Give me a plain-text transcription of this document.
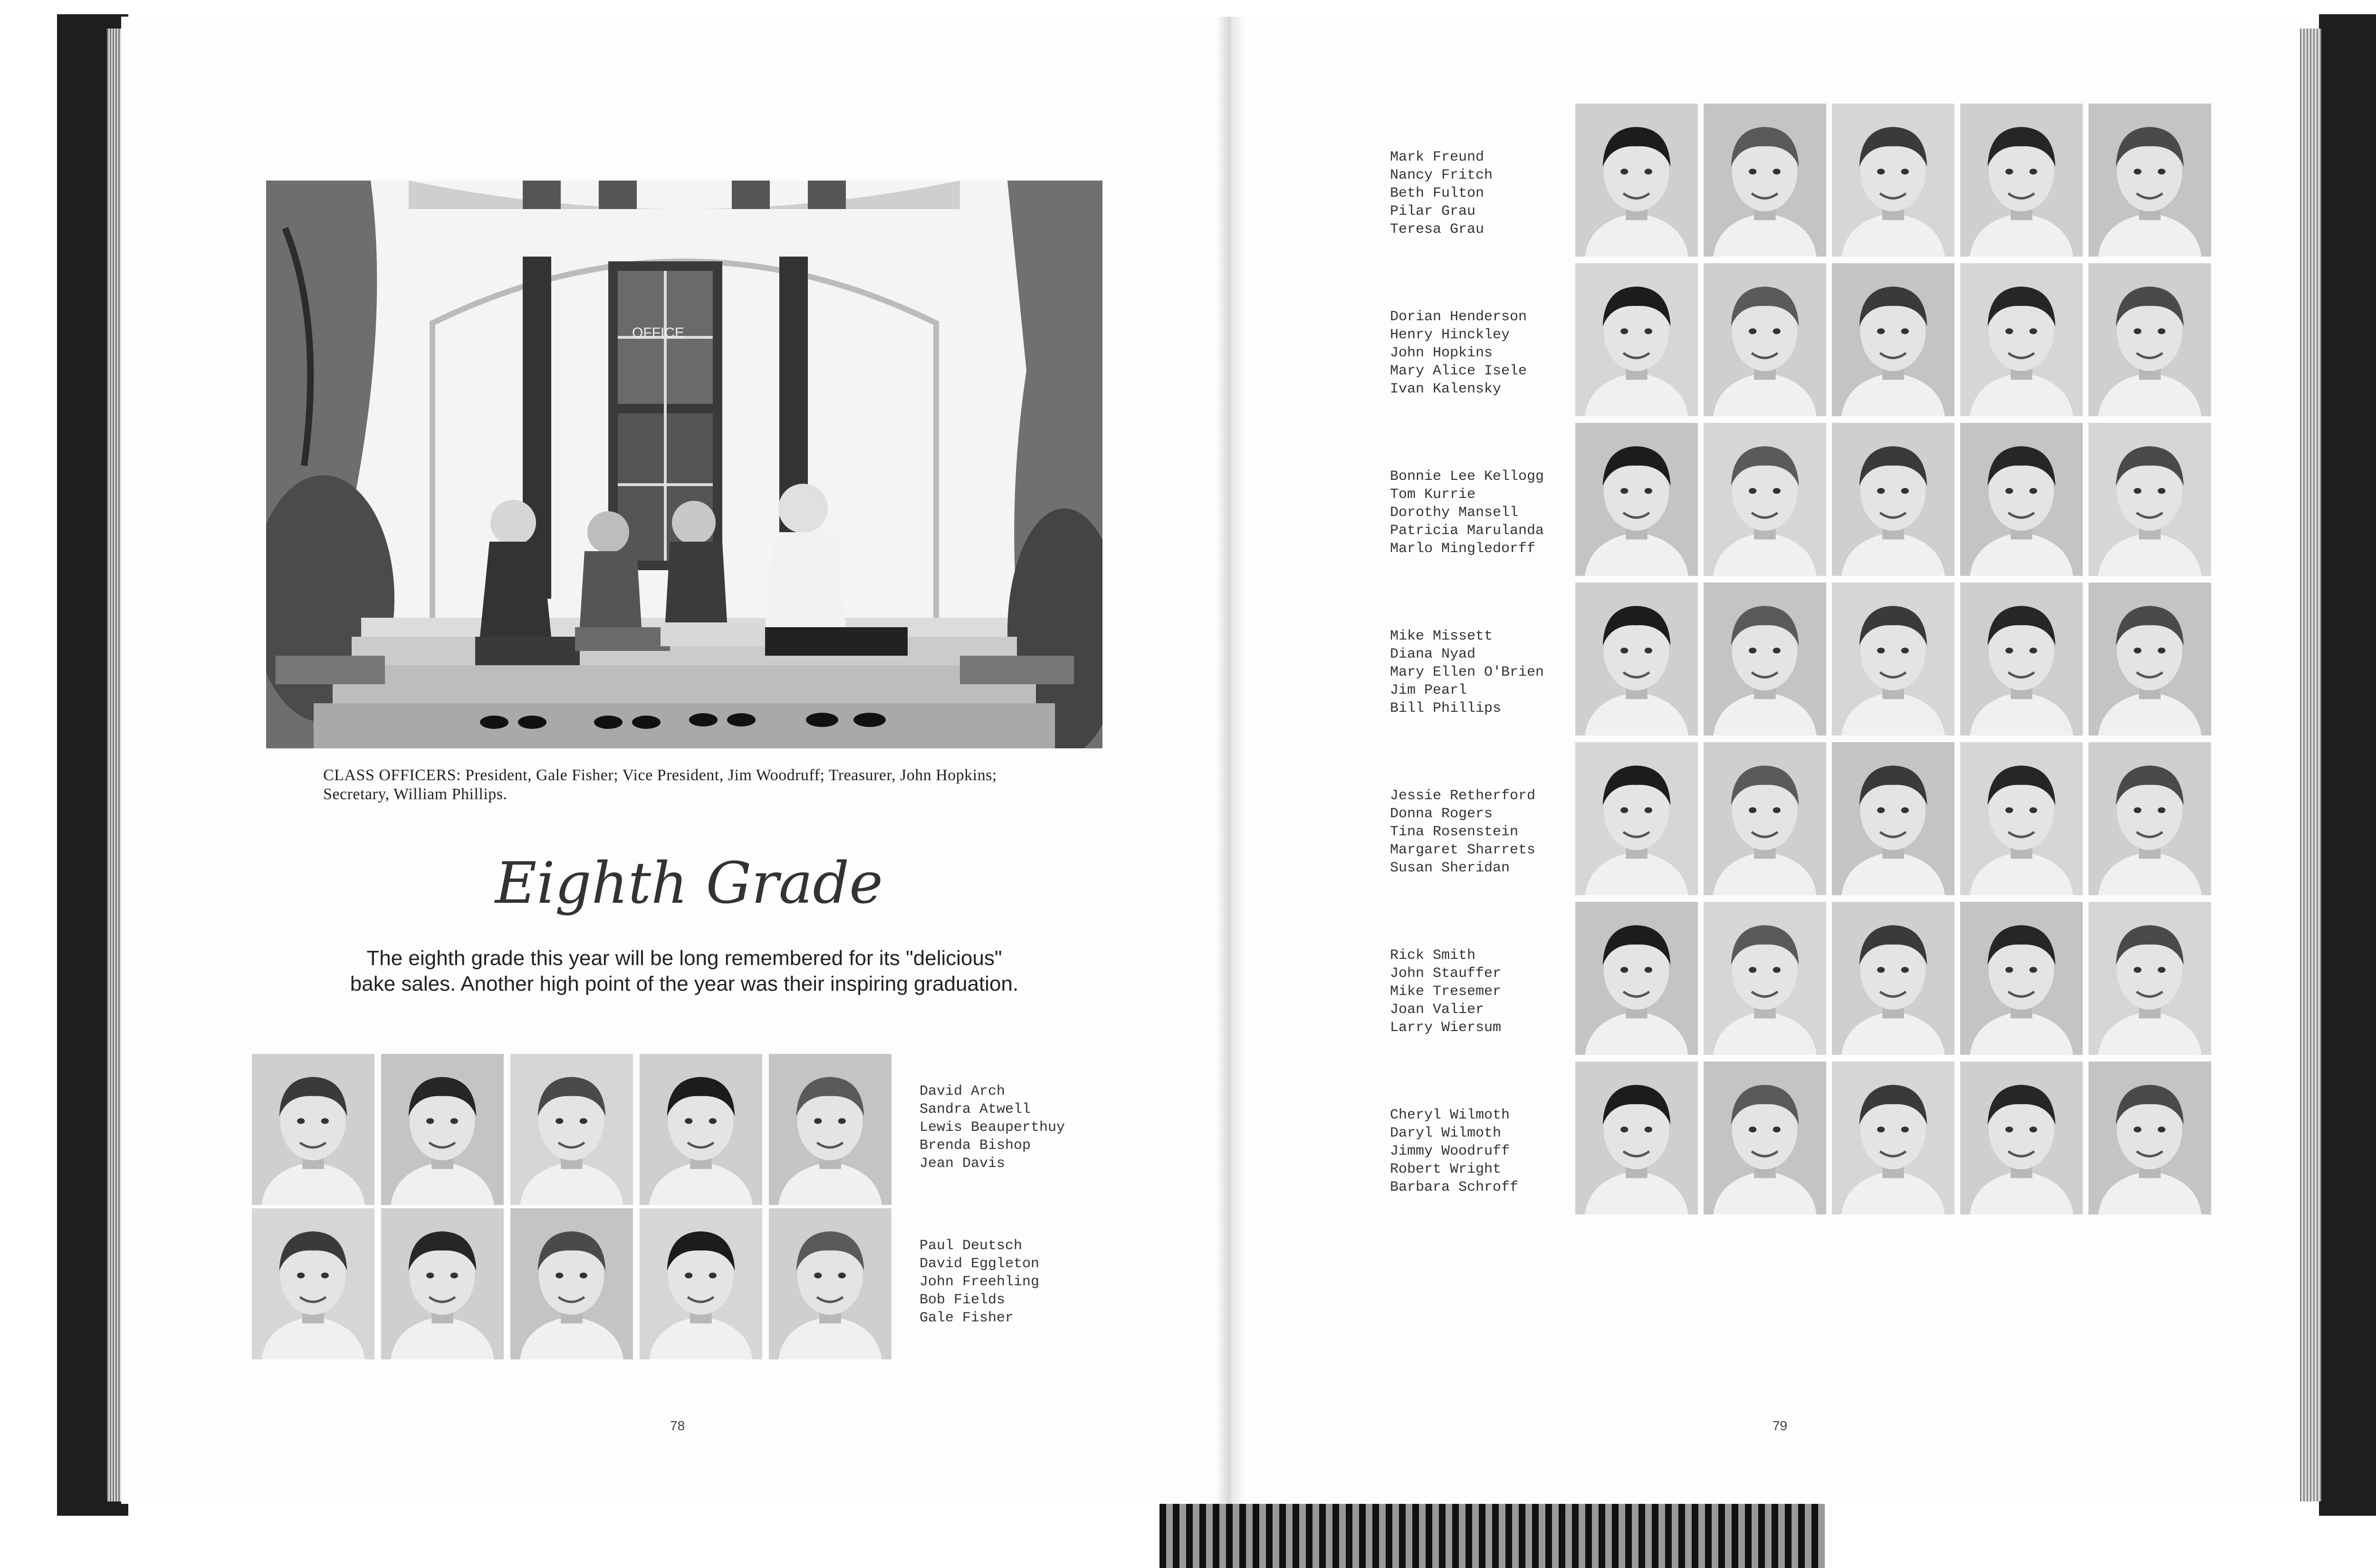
OFFICE
CLASS OFFICERS: President, Gale Fisher; Vice President, Jim Woodruff; Treasurer, John Hopkins; Secretary, William Phillips.
Eighth Grade
The eighth grade this year will be long remembered for its "delicious"
bake sales. Another high point of the year was their inspiring graduation.
David Arch
Sandra Atwell
Lewis Beauperthuy
Brenda Bishop
Jean Davis
Paul Deutsch
David Eggleton
John Freehling
Bob Fields
Gale Fisher
Mark Freund
Nancy Fritch
Beth Fulton
Pilar Grau
Teresa Grau
Dorian Henderson
Henry Hinckley
John Hopkins
Mary Alice Isele
Ivan Kalensky
Bonnie Lee Kellogg
Tom Kurrie
Dorothy Mansell
Patricia Marulanda
Marlo Mingledorff
Mike Missett
Diana Nyad
Mary Ellen O'Brien
Jim Pearl
Bill Phillips
Jessie Retherford
Donna Rogers
Tina Rosenstein
Margaret Sharrets
Susan Sheridan
Rick Smith
John Stauffer
Mike Tresemer
Joan Valier
Larry Wiersum
Cheryl Wilmoth
Daryl Wilmoth
Jimmy Woodruff
Robert Wright
Barbara Schroff
78	79
